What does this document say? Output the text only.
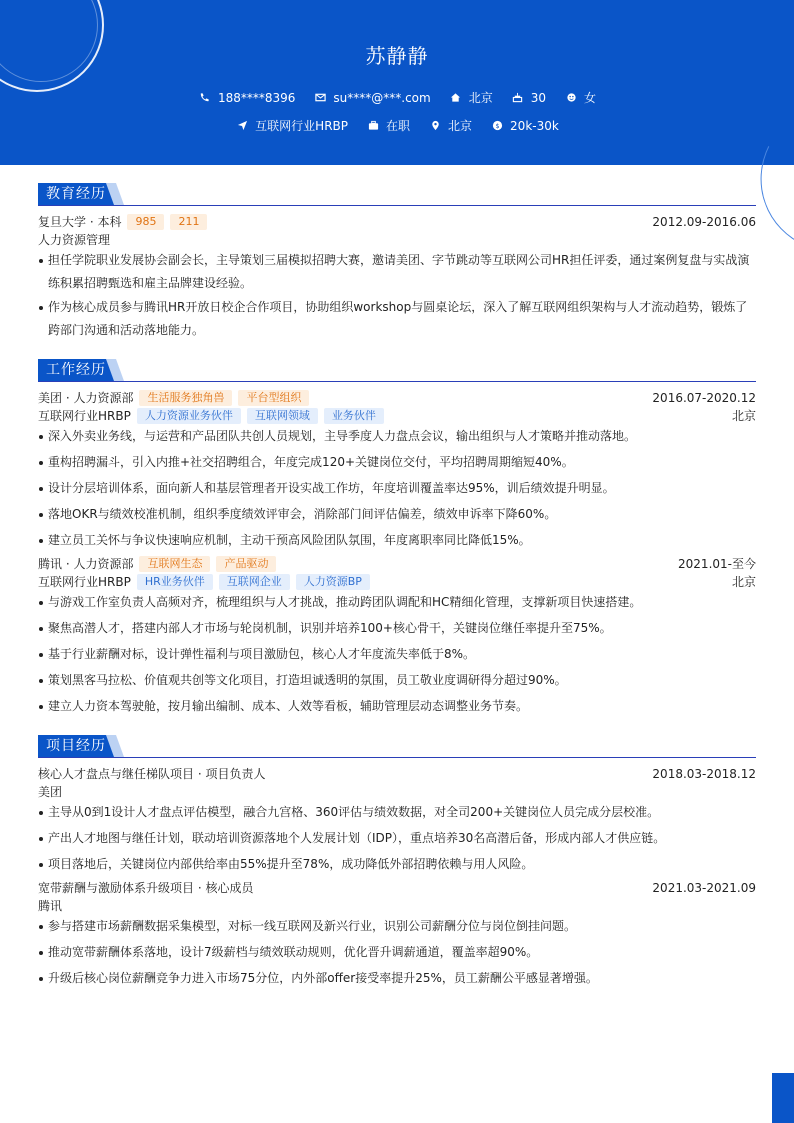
苏静静
188****8396	su****@***.com	北京	30	女
互联网行业HRBP	在职	北京	$ 20k-30k
教育经历
复旦大学 · 本科	985	211	2012.09-2016.06
人力资源管理
担任学院职业发展协会副会长，主导策划三届模拟招聘大赛，邀请美团、字节跳动等互联网公司HR担任评委，通过案例复盘与实战演练积累招聘甄选和雇主品牌建设经验。
作为核心成员参与腾讯HR开放日校企合作项目，协助组织workshop与圆桌论坛，深入了解互联网组织架构与人才流动趋势，锻炼了跨部门沟通和活动落地能力。
工作经历
美团 · 人力资源部	生活服务独角兽	平台型组织	2016.07-2020.12
互联网行业HRBP	人力资源业务伙伴	互联网领域	业务伙伴	北京
深入外卖业务线，与运营和产品团队共创人员规划，主导季度人力盘点会议，输出组织与人才策略并推动落地。
重构招聘漏斗，引入内推+社交招聘组合，年度完成120+关键岗位交付，平均招聘周期缩短40%。
设计分层培训体系，面向新人和基层管理者开设实战工作坊，年度培训覆盖率达95%，训后绩效提升明显。
落地OKR与绩效校准机制，组织季度绩效评审会，消除部门间评估偏差，绩效申诉率下降60%。
建立员工关怀与争议快速响应机制，主动干预高风险团队氛围，年度离职率同比降低15%。
腾讯 · 人力资源部	互联网生态	产品驱动	2021.01-至今
互联网行业HRBP	HR业务伙伴	互联网企业	人力资源BP	北京
与游戏工作室负责人高频对齐，梳理组织与人才挑战，推动跨团队调配和HC精细化管理，支撑新项目快速搭建。
聚焦高潜人才，搭建内部人才市场与轮岗机制，识别并培养100+核心骨干，关键岗位继任率提升至75%。
基于行业薪酬对标，设计弹性福利与项目激励包，核心人才年度流失率低于8%。
策划黑客马拉松、价值观共创等文化项目，打造坦诚透明的氛围，员工敬业度调研得分超过90%。
建立人力资本驾驶舱，按月输出编制、成本、人效等看板，辅助管理层动态调整业务节奏。
项目经历
核心人才盘点与继任梯队项目 · 项目负责人	2018.03-2018.12
美团
主导从0到1设计人才盘点评估模型，融合九宫格、360评估与绩效数据，对全司200+关键岗位人员完成分层校准。
产出人才地图与继任计划，联动培训资源落地个人发展计划（IDP），重点培养30名高潜后备，形成内部人才供应链。
项目落地后，关键岗位内部供给率由55%提升至78%，成功降低外部招聘依赖与用人风险。
宽带薪酬与激励体系升级项目 · 核心成员	2021.03-2021.09
腾讯
参与搭建市场薪酬数据采集模型，对标一线互联网及新兴行业，识别公司薪酬分位与岗位倒挂问题。
推动宽带薪酬体系落地，设计7级薪档与绩效联动规则，优化晋升调薪通道，覆盖率超90%。
升级后核心岗位薪酬竞争力进入市场75分位，内外部offer接受率提升25%，员工薪酬公平感显著增强。
